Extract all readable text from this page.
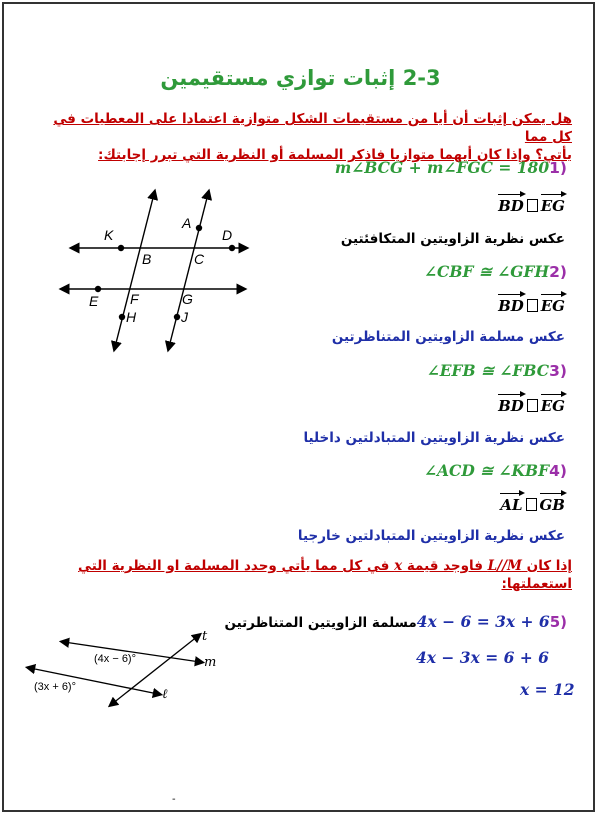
2-3 إثبات توازي مستقيمين
هل يمكن إثبات أن أيا من مستقيمات الشكل متوازية اعتمادا على المعطيات في كل مما
يأتي؟ وإذا كان أيهما متوازيا فاذكر المسلمة أو النظرية التي تبرر إجابتك:
K
A
D
B	C
E F	G
H	J
m∠BCG + m∠FGC = 1801)
BD EG
عكس نظرية الزاويتين المتكافئتين
∠CBF ≅ ∠GFH2)
BD EG
عكس مسلمة الزاويتين المتناظرتين
∠EFB ≅ ∠FBC3)
BD EG
عكس نظرية الزاويتين المتبادلتين داخليا
∠ACD ≅ ∠KBF4)
AL GB
عكس نظرية الزاويتين المتبادلتين خارجيا
إذا كان L//M فاوجد قيمة x في كل مما يأتي وحدد المسلمة او النظرية التي
استعملتها:
مسلمة الزاويتين المتناظرتين4x − 6 = 3x + 65)
4x − 3x = 6 + 6
x = 12
t
m
ℓ
(4x − 6)°
(3x + 6)°
-
